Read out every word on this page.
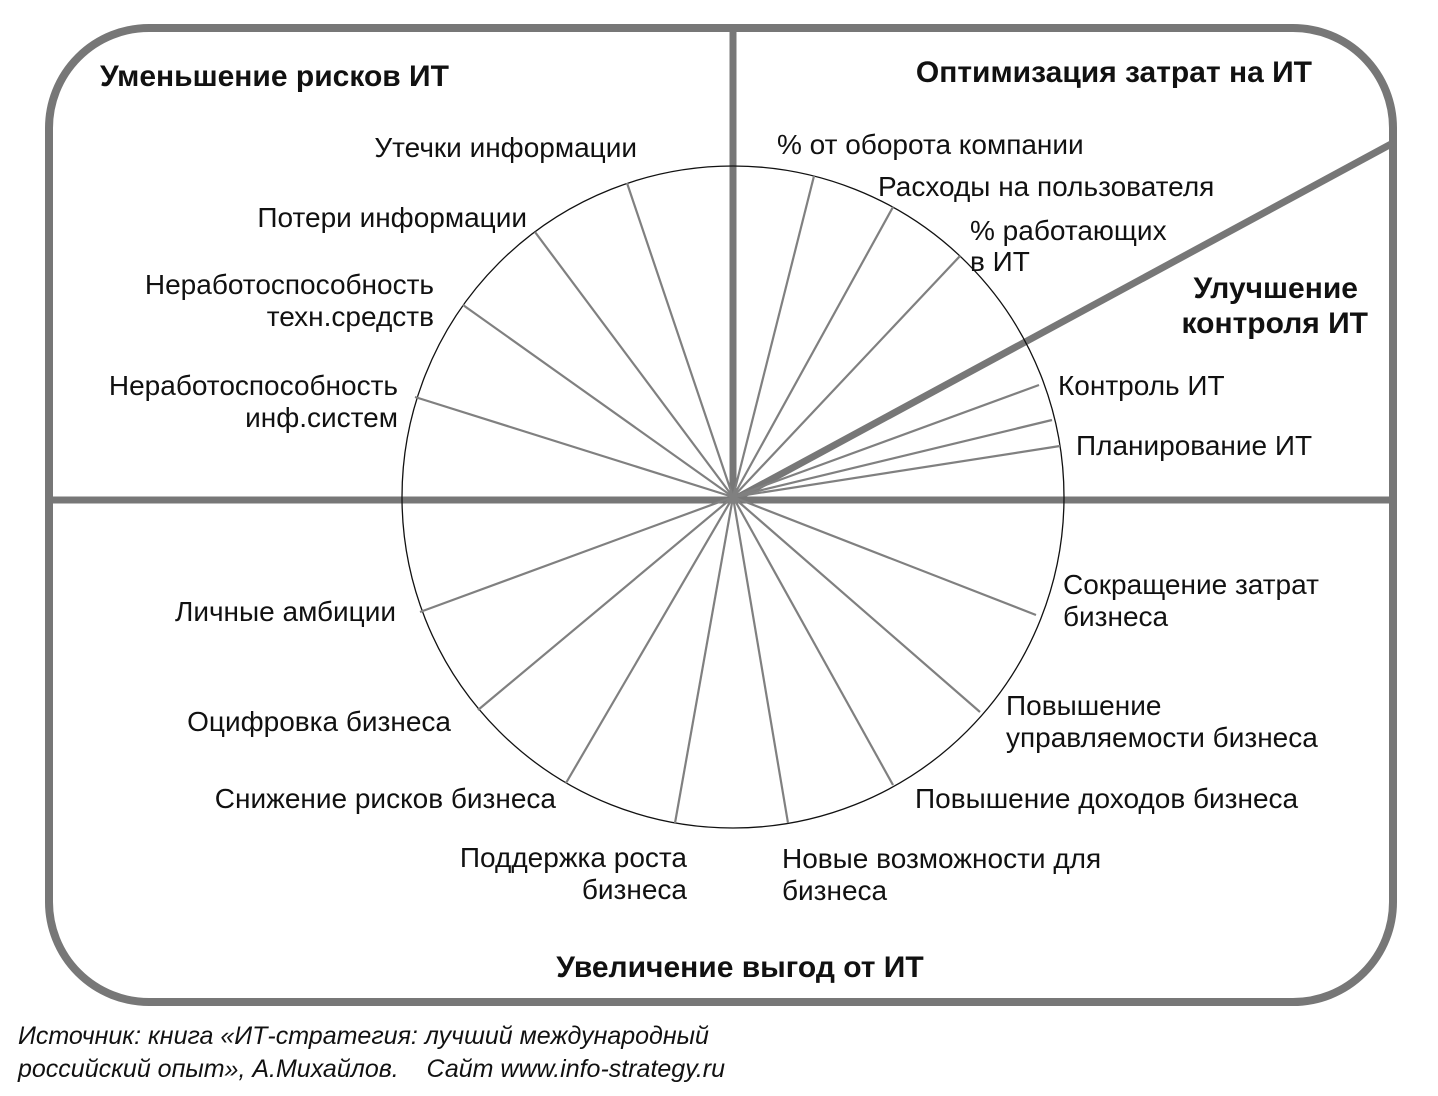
Уменьшение рисков ИТ	Оптимизация затрат на ИТ
Улучшение
контроля ИТ
Увеличение выгод от ИТ
Утечки информации
Потери информации
Неработоспособность
техн.средств
Неработоспособность
инф.систем
% от оборота компании
Расходы на пользователя
% работающих
в ИТ
Контроль ИТ
Планирование ИТ
Сокращение затрат
бизнеса
Повышение
управляемости бизнеса
Повышение доходов бизнеса
Новые возможности для
бизнеса
Поддержка роста
бизнеса
Снижение рисков бизнеса
Оцифровка бизнеса
Личные амбиции
Источник: книга «ИТ-стратегия: лучший международный
российский опыт», А.Михайлов.    Сайт www.info-strategy.ru
